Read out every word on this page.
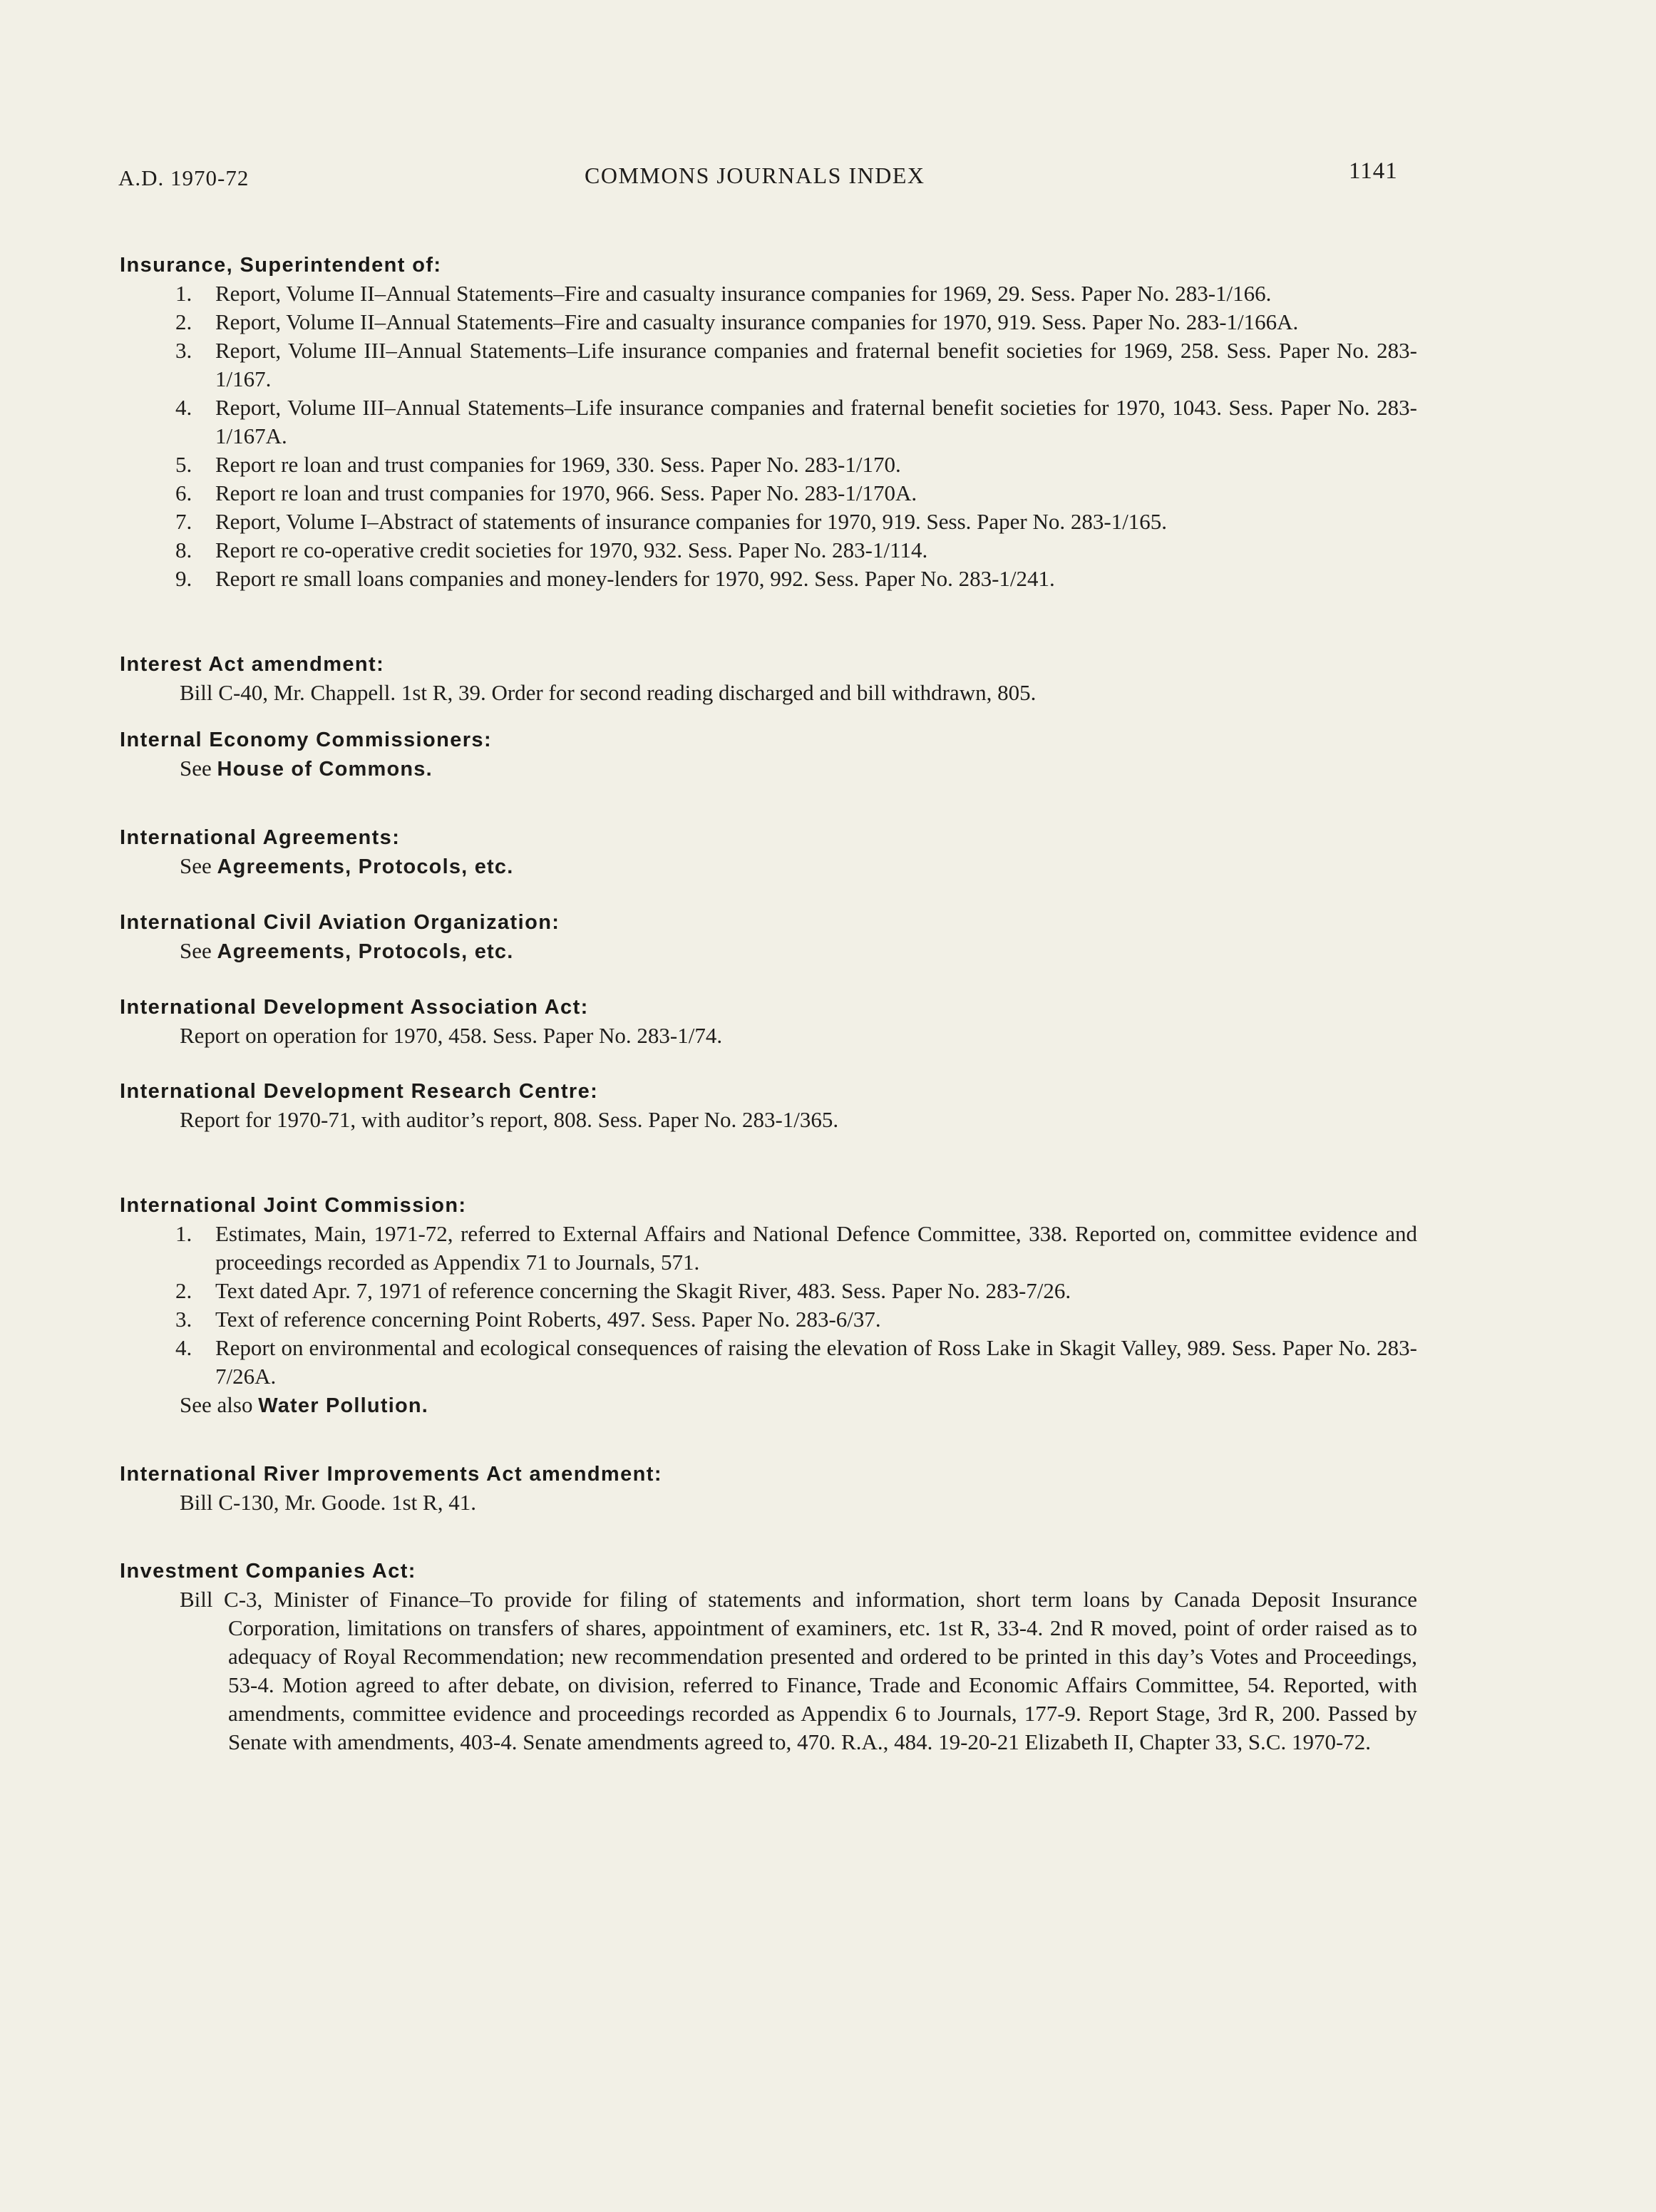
A.D. 1970-72	COMMONS JOURNALS INDEX	1141
Insurance, Superintendent of:
1. Report, Volume II–Annual Statements–Fire and casualty insurance companies for 1969, 29. Sess. Paper No. 283-1/166.
2. Report, Volume II–Annual Statements–Fire and casualty insurance companies for 1970, 919. Sess. Paper No. 283-1/166A.
3. Report, Volume III–Annual Statements–Life insurance companies and fraternal benefit societies for 1969, 258. Sess. Paper No. 283-1/167.
4. Report, Volume III–Annual Statements–Life insurance companies and fraternal benefit societies for 1970, 1043. Sess. Paper No. 283-1/167A.
5. Report re loan and trust companies for 1969, 330. Sess. Paper No. 283-1/170.
6. Report re loan and trust companies for 1970, 966. Sess. Paper No. 283-1/170A.
7. Report, Volume I–Abstract of statements of insurance companies for 1970, 919. Sess. Paper No. 283-1/165.
8. Report re co-operative credit societies for 1970, 932. Sess. Paper No. 283-1/114.
9. Report re small loans companies and money-lenders for 1970, 992. Sess. Paper No. 283-1/241.
Interest Act amendment:
Bill C-40, Mr. Chappell. 1st R, 39. Order for second reading discharged and bill withdrawn, 805.
Internal Economy Commissioners:
See House of Commons.
International Agreements:
See Agreements, Protocols, etc.
International Civil Aviation Organization:
See Agreements, Protocols, etc.
International Development Association Act:
Report on operation for 1970, 458. Sess. Paper No. 283-1/74.
International Development Research Centre:
Report for 1970-71, with auditor’s report, 808. Sess. Paper No. 283-1/365.
International Joint Commission:
1. Estimates, Main, 1971-72, referred to External Affairs and National Defence Committee, 338. Reported on, committee evidence and proceedings recorded as Appendix 71 to Journals, 571.
2. Text dated Apr. 7, 1971 of reference concerning the Skagit River, 483. Sess. Paper No. 283-7/26.
3. Text of reference concerning Point Roberts, 497. Sess. Paper No. 283-6/37.
4. Report on environmental and ecological consequences of raising the elevation of Ross Lake in Skagit Valley, 989. Sess. Paper No. 283-7/26A.
See also Water Pollution.
International River Improvements Act amendment:
Bill C-130, Mr. Goode. 1st R, 41.
Investment Companies Act:
Bill C-3, Minister of Finance–To provide for filing of statements and information, short term loans by Canada Deposit Insurance Corporation, limitations on transfers of shares, appointment of examiners, etc. 1st R, 33-4. 2nd R moved, point of order raised as to adequacy of Royal Recommendation; new recommendation presented and ordered to be printed in this day’s Votes and Proceedings, 53-4. Motion agreed to after debate, on division, referred to Finance, Trade and Economic Affairs Committee, 54. Reported, with amendments, committee evidence and proceedings recorded as Appendix 6 to Journals, 177-9. Report Stage, 3rd R, 200. Passed by Senate with amendments, 403-4. Senate amendments agreed to, 470. R.A., 484. 19-20-21 Elizabeth II, Chapter 33, S.C. 1970-72.
